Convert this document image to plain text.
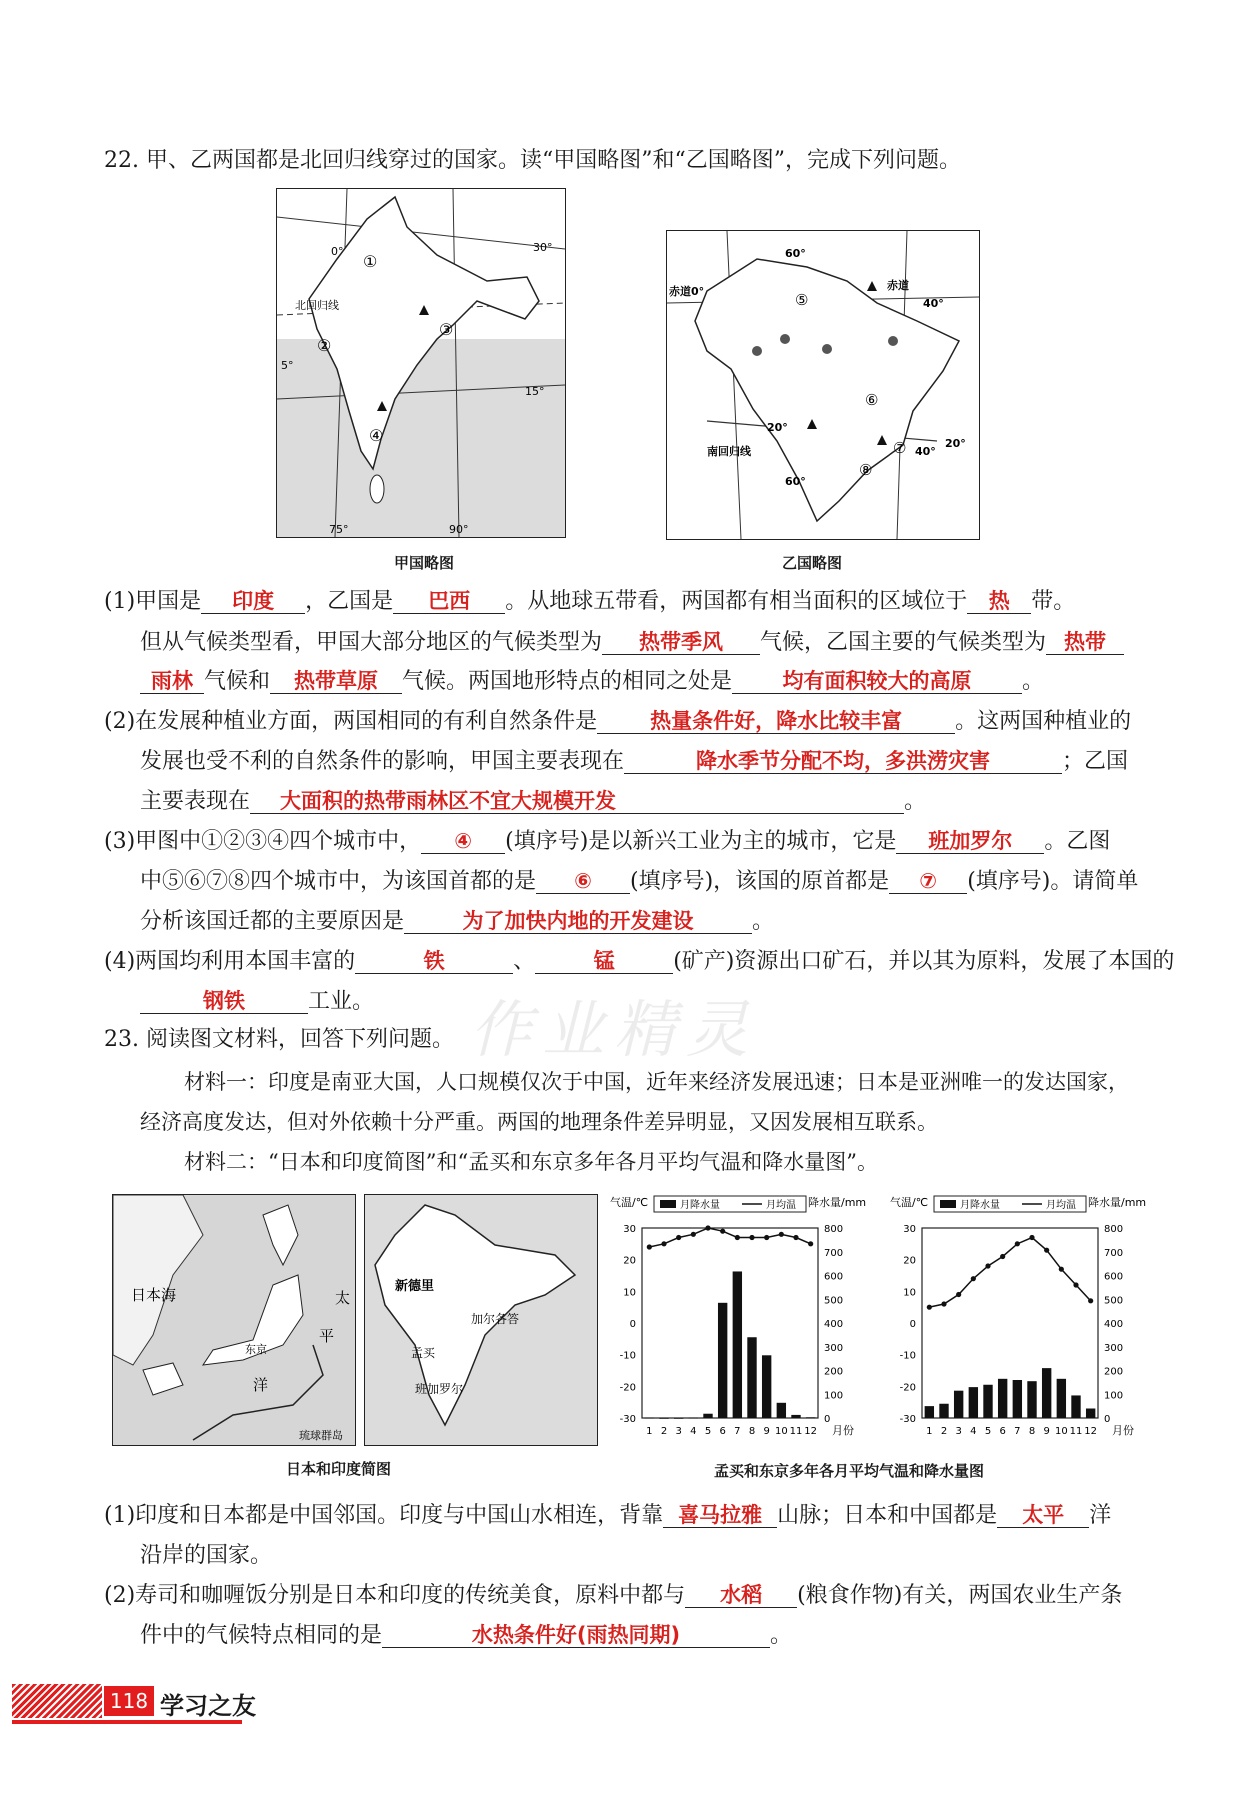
22. 甲、乙两国都是北回归线穿过的国家。读“甲国略图”和“乙国略图”，完成下列问题。
0°	30°
5°
15°
75°	90°
北回归线
①
②
③
④
甲国略图
60°
60°
40°
40°
赤道0°	赤道
20°
20°
南回归线
⑤
⑥
⑦
⑧
乙国略图
(1)甲国是 印度 ，乙国是 巴西 。从地球五带看，两国都有相当面积的区域位于 热 带。
但从气候类型看，甲国大部分地区的气候类型为 热带季风 气候，乙国主要的气候类型为 热带
雨林 气候和 热带草原 气候。两国地形特点的相同之处是 均有面积较大的高原 。
(2)在发展种植业方面，两国相同的有利自然条件是	热量条件好，降水比较丰富 。这两国种植业的
发展也受不利的自然条件的影响，甲国主要表现在	降水季节分配不均，多洪涝灾害	；乙国
主要表现在 大面积的热带雨林区不宜大规模开发	。
(3)甲图中①②③④四个城市中， ④ (填序号)是以新兴工业为主的城市，它是 班加罗尔 。乙图
中⑤⑥⑦⑧四个城市中，为该国首都的是 ⑥ (填序号)，该国的原首都是 ⑦ (填序号)。请简单
分析该国迁都的主要原因是	为了加快内地的开发建设	。
(4)两国均利用本国丰富的	铁	、	锰	(矿产)资源出口矿石，并以其为原料，发展了本国的
钢铁	工业。 作业精灵
23. 阅读图文材料，回答下列问题。
材料一：印度是南亚大国，人口规模仅次于中国，近年来经济发展迅速；日本是亚洲唯一的发达国家，
经济高度发达，但对外依赖十分严重。两国的地理条件差异明显，又因发展相互联系。
材料二：“日本和印度简图”和“孟买和东京多年各月平均气温和降水量图”。
日本海	太
平
洋
东京
琉球群岛
新德里
加尔各答
孟买
班加罗尔
日本和印度简图
气温/℃	降水量/mm
月份
月降水量	月均温
30
20
10
0
-10
-20
-30
800
700
600
500
400
300
200
100
0
1 2 3 4 5 6 7 8 9 10 11 12
气温/℃	降水量/mm
月份
月降水量	月均温
30
20
10
0
-10
-20
-30
800
700
600
500
400
300
200
100
0
1 2 3 4 5 6 7 8 9 10 11 12
孟买和东京多年各月平均气温和降水量图
(1)印度和日本都是中国邻国。印度与中国山水相连，背靠 喜马拉雅 山脉；日本和中国都是 太平 洋
沿岸的国家。
(2)寿司和咖喱饭分别是日本和印度的传统美食，原料中都与 水稻 (粮食作物)有关，两国农业生产条
件中的气候特点相同的是	水热条件好(雨热同期)	。
118 学习之友
